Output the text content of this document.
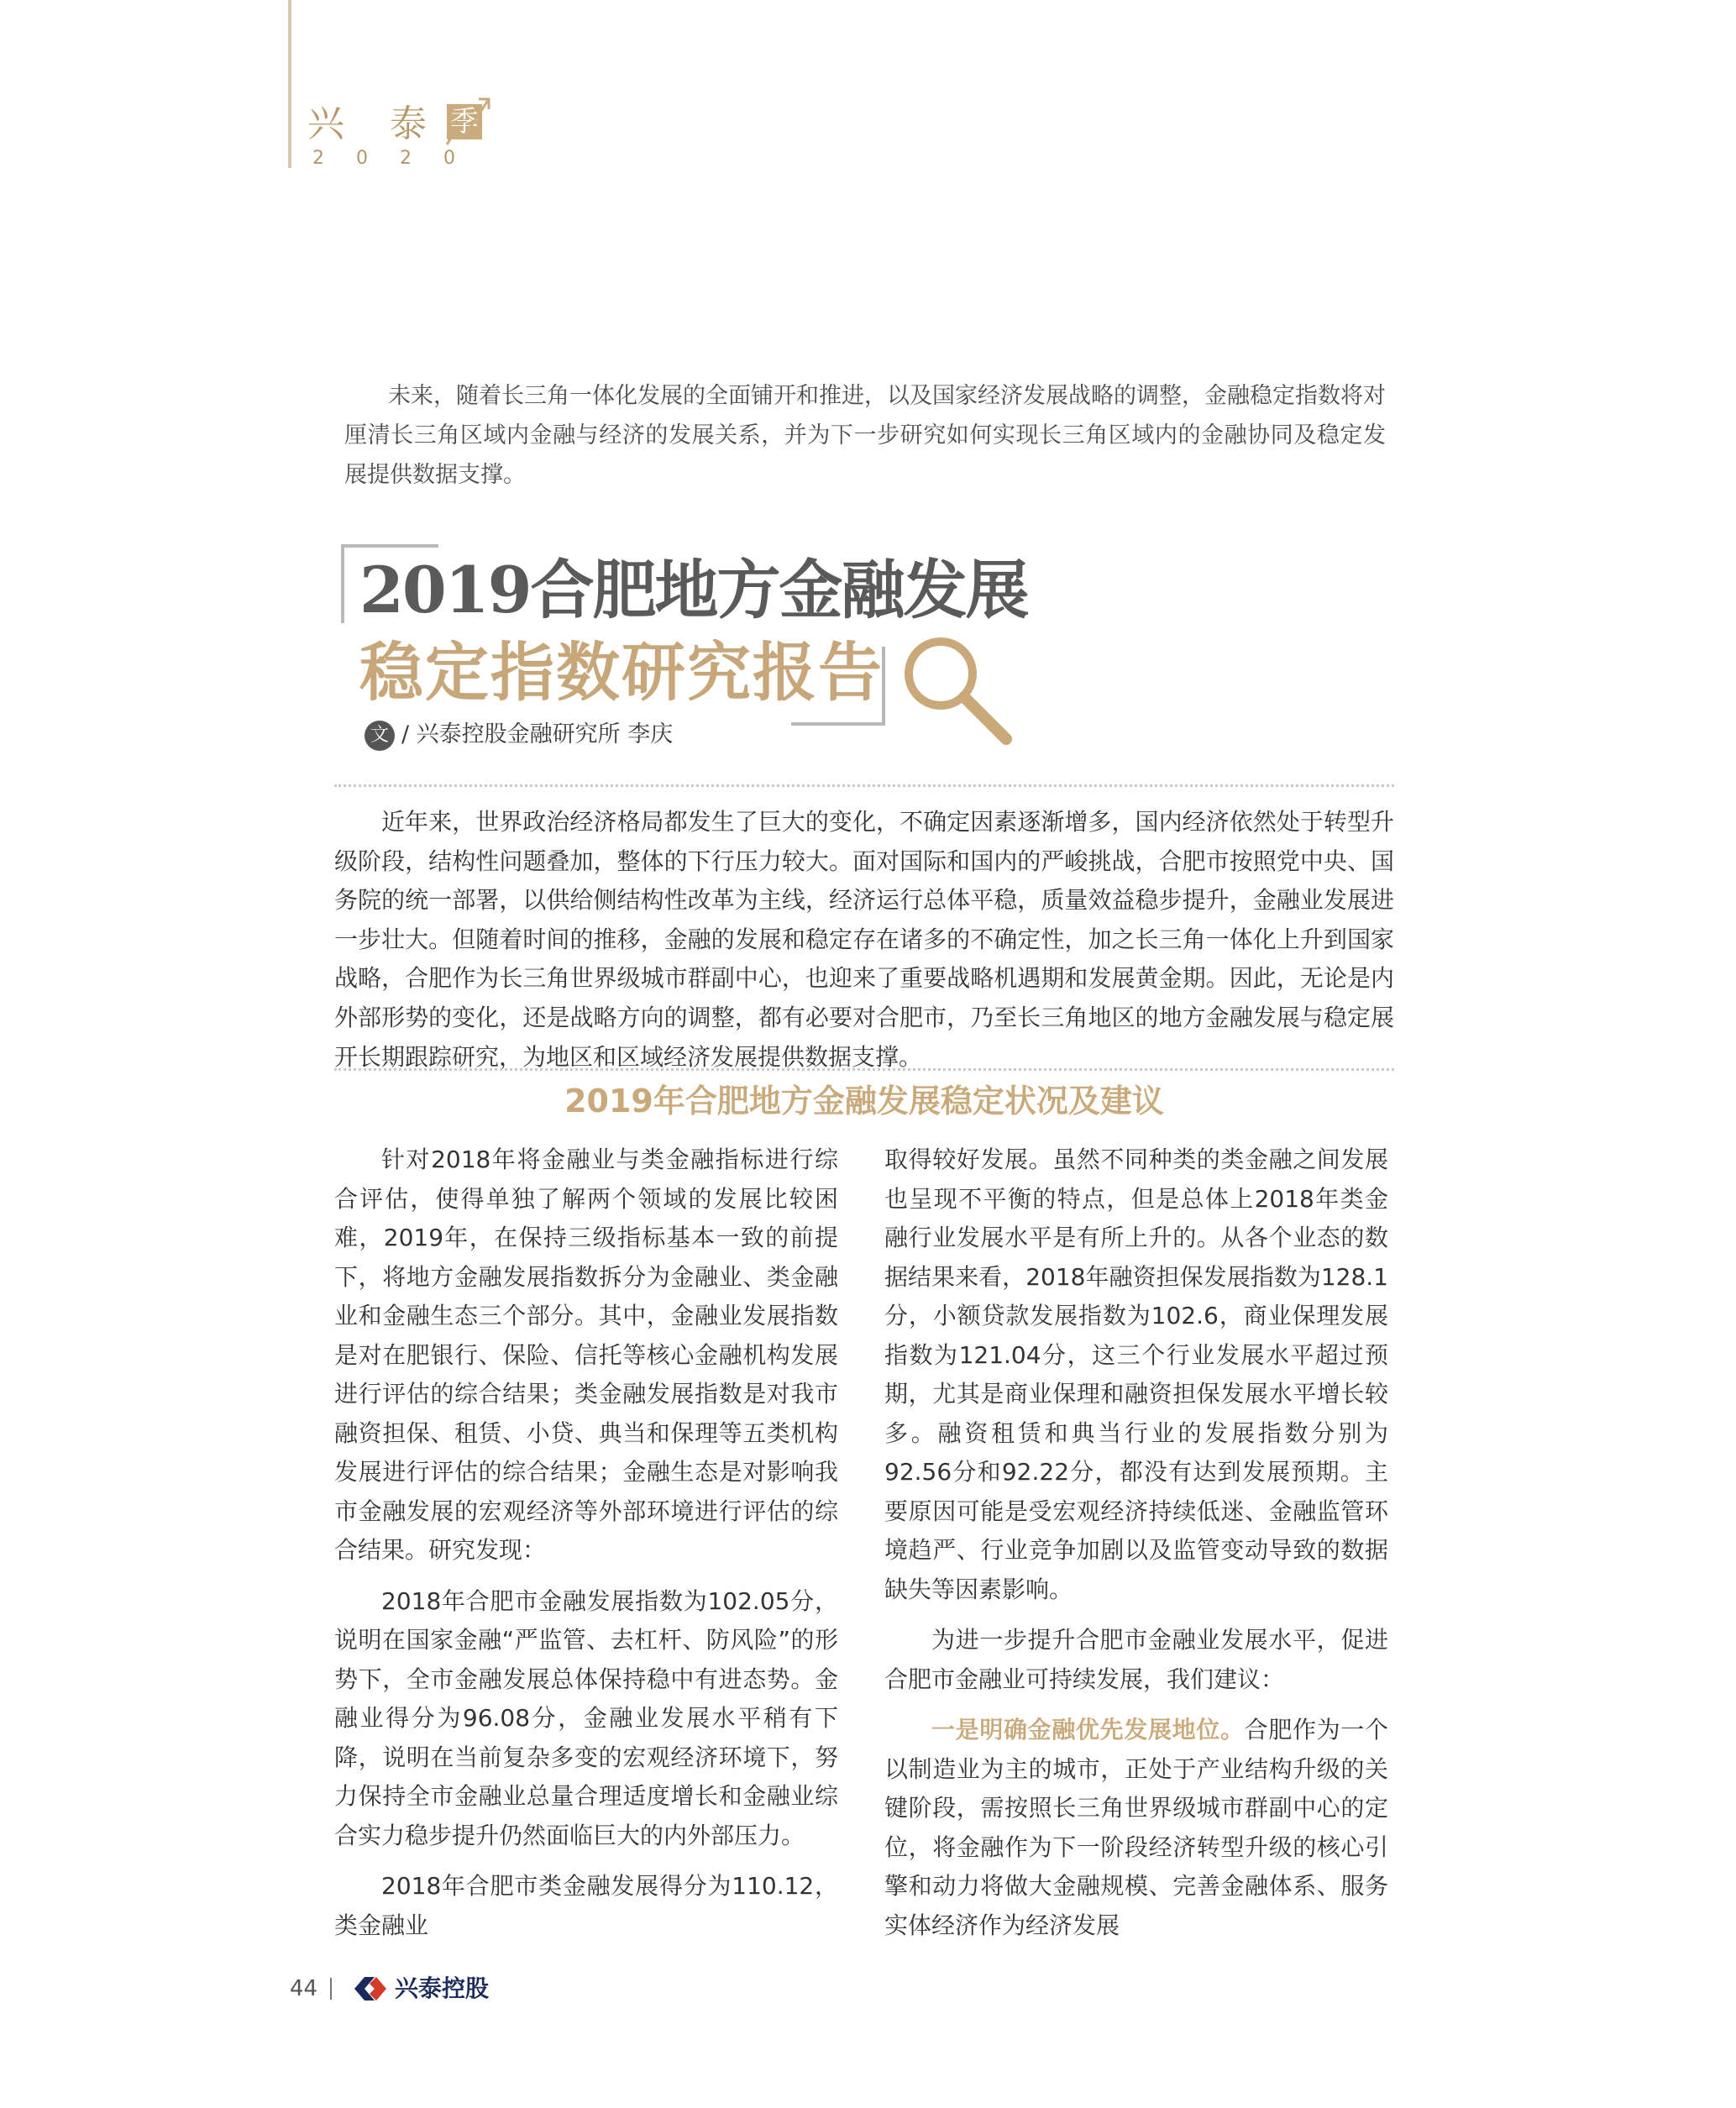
兴 泰 季
2020

未来，随着长三角一体化发展的全面铺开和推进，以及国家经济发展战略的调整，金融稳定指数将对厘清长三角区域内金融与经济的发展关系，并为下一步研究如何实现长三角区域内的金融协同及稳定发展提供数据支撑。

2019合肥地方金融发展
稳定指数研究报告
文 / 兴泰控股金融研究所 李庆

近年来，世界政治经济格局都发生了巨大的变化，不确定因素逐渐增多，国内经济依然处于转型升级阶段，结构性问题叠加，整体的下行压力较大。面对国际和国内的严峻挑战，合肥市按照党中央、国务院的统一部署，以供给侧结构性改革为主线，经济运行总体平稳，质量效益稳步提升，金融业发展进一步壮大。但随着时间的推移，金融的发展和稳定存在诸多的不确定性，加之长三角一体化上升到国家战略，合肥作为长三角世界级城市群副中心，也迎来了重要战略机遇期和发展黄金期。因此，无论是内外部形势的变化，还是战略方向的调整，都有必要对合肥市，乃至长三角地区的地方金融发展与稳定展开长期跟踪研究，为地区和区域经济发展提供数据支撑。

2019年合肥地方金融发展稳定状况及建议

针对2018年将金融业与类金融指标进行综合评估，使得单独了解两个领域的发展比较困难，2019年，在保持三级指标基本一致的前提下，将地方金融发展指数拆分为金融业、类金融业和金融生态三个部分。其中，金融业发展指数是对在肥银行、保险、信托等核心金融机构发展进行评估的综合结果；类金融发展指数是对我市融资担保、租赁、小贷、典当和保理等五类机构发展进行评估的综合结果；金融生态是对影响我市金融发展的宏观经济等外部环境进行评估的综合结果。研究发现：

2018年合肥市金融发展指数为102.05分，说明在国家金融“严监管、去杠杆、防风险”的形势下，全市金融发展总体保持稳中有进态势。金融业得分为96.08分，金融业发展水平稍有下降，说明在当前复杂多变的宏观经济环境下，努力保持全市金融业总量合理适度增长和金融业综合实力稳步提升仍然面临巨大的内外部压力。

2018年合肥市类金融发展得分为110.12，类金融业

取得较好发展。虽然不同种类的类金融之间发展也呈现不平衡的特点，但是总体上2018年类金融行业发展水平是有所上升的。从各个业态的数据结果来看，2018年融资担保发展指数为128.1分，小额贷款发展指数为102.6，商业保理发展指数为121.04分，这三个行业发展水平超过预期，尤其是商业保理和融资担保发展水平增长较多。融资租赁和典当行业的发展指数分别为92.56分和92.22分，都没有达到发展预期。主要原因可能是受宏观经济持续低迷、金融监管环境趋严、行业竞争加剧以及监管变动导致的数据缺失等因素影响。

为进一步提升合肥市金融业发展水平，促进合肥市金融业可持续发展，我们建议：

一是明确金融优先发展地位。合肥作为一个以制造业为主的城市，正处于产业结构升级的关键阶段，需按照长三角世界级城市群副中心的定位，将金融作为下一阶段经济转型升级的核心引擎和动力将做大金融规模、完善金融体系、服务实体经济作为经济发展

44	兴泰控股
